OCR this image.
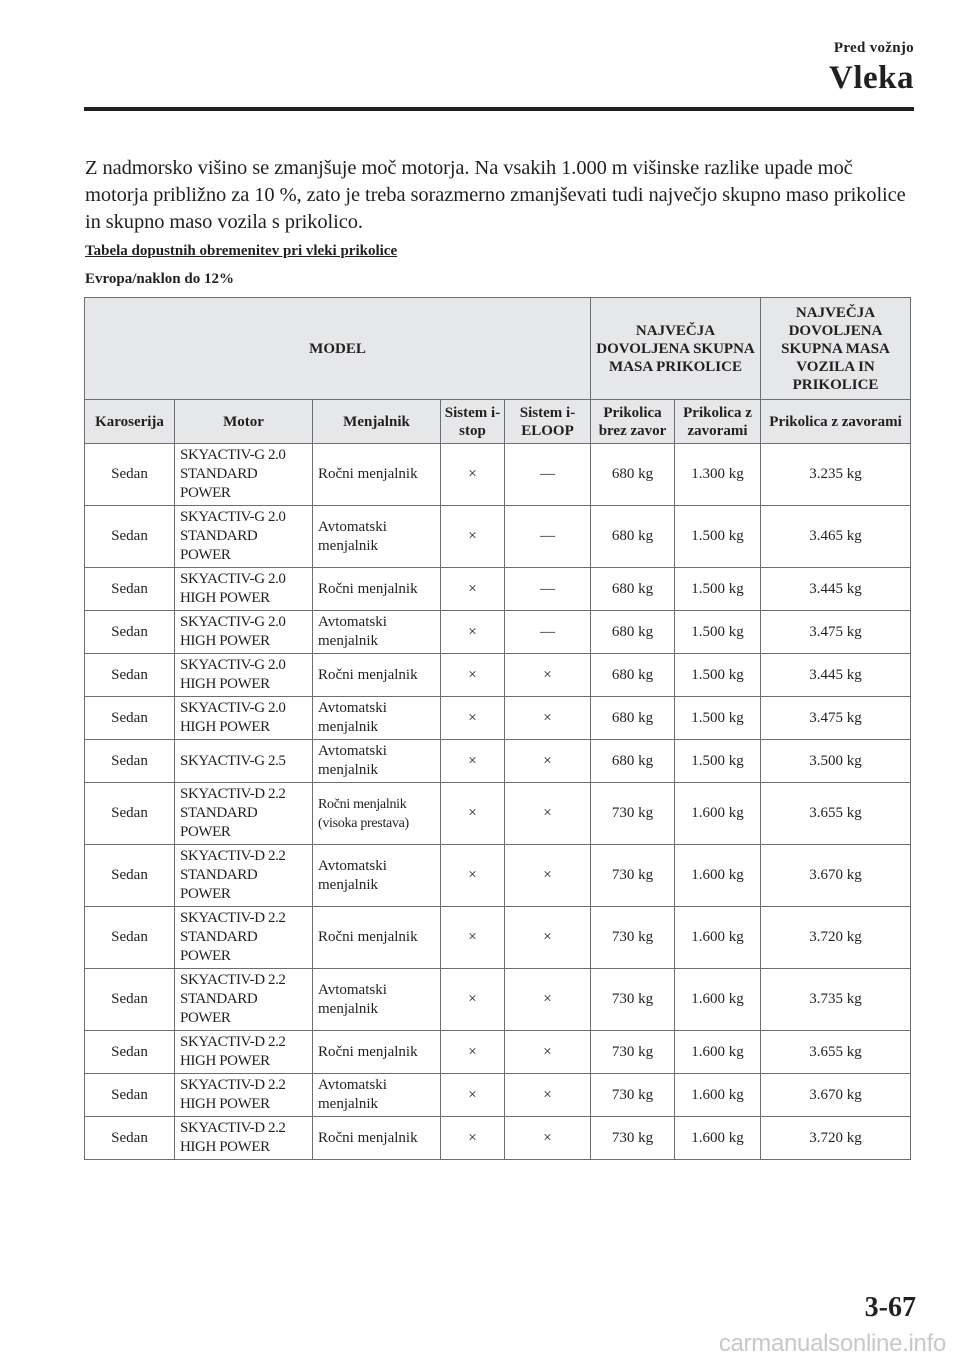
Pred vožnjo
Vleka

Z nadmorsko višino se zmanjšuje moč motorja. Na vsakih 1.000 m višinske razlike upade moč motorja približno za 10 %, zato je treba sorazmerno zmanjševati tudi največjo skupno maso prikolice in skupno maso vozila s prikolico.

Tabela dopustnih obremenitev pri vleki prikolice
Evropa/naklon do 12%
MODEL					NAJVEČJA DOVOLJENA SKUPNA MASA PRIKOLICE		NAJVEČJA DOVOLJENA SKUPNA MASA VOZILA IN PRIKOLICE
Karoserija	Motor	Menjalnik	Sistem i-stop	Sistem i-ELOOP	Prikolica brez zavor	Prikolica z zavorami	Prikolica z zavorami
Sedan	SKYACTIV-G 2.0 STANDARD POWER	Ročni menjalnik	×	—	680 kg	1.300 kg	3.235 kg
Sedan	SKYACTIV-G 2.0 STANDARD POWER	Avtomatski menjalnik	×	—	680 kg	1.500 kg	3.465 kg
Sedan	SKYACTIV-G 2.0 HIGH POWER	Ročni menjalnik	×	—	680 kg	1.500 kg	3.445 kg
Sedan	SKYACTIV-G 2.0 HIGH POWER	Avtomatski menjalnik	×	—	680 kg	1.500 kg	3.475 kg
Sedan	SKYACTIV-G 2.0 HIGH POWER	Ročni menjalnik	×	×	680 kg	1.500 kg	3.445 kg
Sedan	SKYACTIV-G 2.0 HIGH POWER	Avtomatski menjalnik	×	×	680 kg	1.500 kg	3.475 kg
Sedan	SKYACTIV-G 2.5	Avtomatski menjalnik	×	×	680 kg	1.500 kg	3.500 kg
Sedan	SKYACTIV-D 2.2 STANDARD POWER	Ročni menjalnik (visoka prestava)	×	×	730 kg	1.600 kg	3.655 kg
Sedan	SKYACTIV-D 2.2 STANDARD POWER	Avtomatski menjalnik	×	×	730 kg	1.600 kg	3.670 kg
Sedan	SKYACTIV-D 2.2 STANDARD POWER	Ročni menjalnik	×	×	730 kg	1.600 kg	3.720 kg
Sedan	SKYACTIV-D 2.2 STANDARD POWER	Avtomatski menjalnik	×	×	730 kg	1.600 kg	3.735 kg
Sedan	SKYACTIV-D 2.2 HIGH POWER	Ročni menjalnik	×	×	730 kg	1.600 kg	3.655 kg
Sedan	SKYACTIV-D 2.2 HIGH POWER	Avtomatski menjalnik	×	×	730 kg	1.600 kg	3.670 kg
Sedan	SKYACTIV-D 2.2 HIGH POWER	Ročni menjalnik	×	×	730 kg	1.600 kg	3.720 kg
3-67
carmanualsonline.info
